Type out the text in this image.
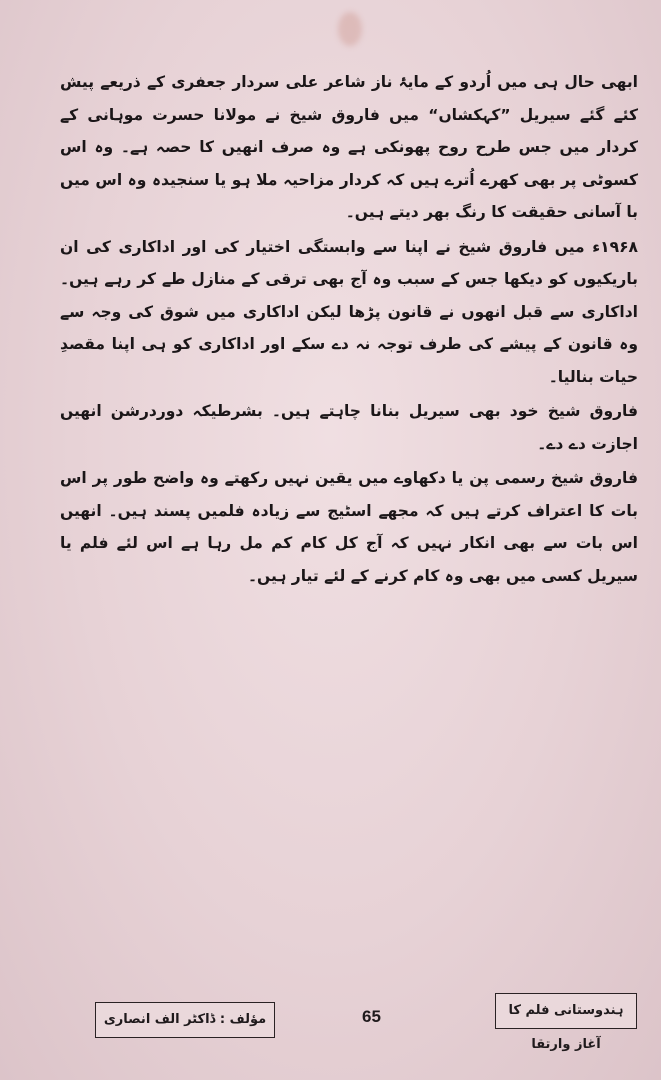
ابھی حال ہی میں اُردو کے مایۂ ناز شاعر علی سردار جعفری کے ذریعے پیش کئے گئے سیریل ”کہکشاں“ میں فاروق شیخ نے مولانا حسرت موہانی کے کردار میں جس طرح روح پھونکی ہے وہ صرف انھیں کا حصہ ہے۔ وہ اس کسوٹی پر بھی کھرے اُترے ہیں کہ کردار مزاحیہ ملا ہو یا سنجیدہ وہ اس میں با آسانی حقیقت کا رنگ بھر دیتے ہیں۔

۱۹۶۸ء میں فاروق شیخ نے اپنا سے وابستگی اختیار کی اور اداکاری کی ان باریکیوں کو دیکھا جس کے سبب وہ آج بھی ترقی کے منازل طے کر رہے ہیں۔ اداکاری سے قبل انھوں نے قانون پڑھا لیکن اداکاری میں شوق کی وجہ سے وہ قانون کے پیشے کی طرف توجہ نہ دے سکے اور اداکاری کو ہی اپنا مقصدِ حیات بنالیا۔

فاروق شیخ خود بھی سیریل بنانا چاہتے ہیں۔ بشرطیکہ دوردرشن انھیں اجازت دے دے۔

فاروق شیخ رسمی پن یا دکھاوے میں یقین نہیں رکھتے وہ واضح طور پر اس بات کا اعتراف کرتے ہیں کہ مجھے اسٹیج سے زیادہ فلمیں پسند ہیں۔ انھیں اس بات سے بھی انکار نہیں کہ آج کل کام کم مل رہا ہے اس لئے فلم یا سیریل کسی میں بھی وہ کام کرنے کے لئے تیار ہیں۔

مؤلف : ڈاکٹر الف انصاری	65	ہندوستانی فلم کا آغاز وارتقا
